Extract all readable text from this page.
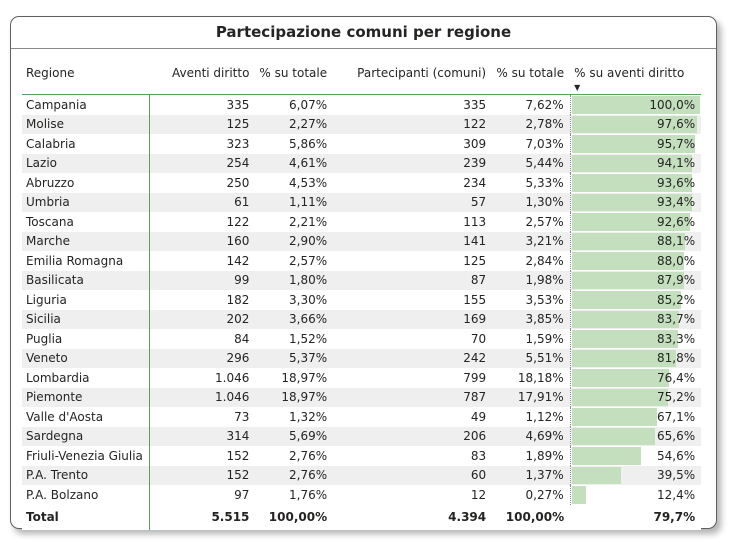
Partecipazione comuni per regione
Regione	Aventi diritto	% su totale	Partecipanti (comuni)	% su totale	% su aventi diritto
▼

Campania	335	6,07%	335	7,62%	100,0%

Molise	125	2,27%	122	2,78%	97,6%

Calabria	323	5,86%	309	7,03%	95,7%

Lazio	254	4,61%	239	5,44%	94,1%

Abruzzo	250	4,53%	234	5,33%	93,6%

Umbria	61	1,11%	57	1,30%	93,4%

Toscana	122	2,21%	113	2,57%	92,6%

Marche	160	2,90%	141	3,21%	88,1%

Emilia Romagna	142	2,57%	125	2,84%	88,0%

Basilicata	99	1,80%	87	1,98%	87,9%

Liguria	182	3,30%	155	3,53%	85,2%

Sicilia	202	3,66%	169	3,85%	83,7%

Puglia	84	1,52%	70	1,59%	83,3%

Veneto	296	5,37%	242	5,51%	81,8%

Lombardia	1.046	18,97%	799	18,18%	76,4%

Piemonte	1.046	18,97%	787	17,91%	75,2%

Valle d'Aosta	73	1,32%	49	1,12%	67,1%

Sardegna	314	5,69%	206	4,69%	65,6%

Friuli-Venezia Giulia	152	2,76%	83	1,89%	54,6%

P.A. Trento	152	2,76%	60	1,37%	39,5%

P.A. Bolzano	97	1,76%	12	0,27%	12,4%

Total	5.515	100,00%	4.394	100,00%	79,7%
